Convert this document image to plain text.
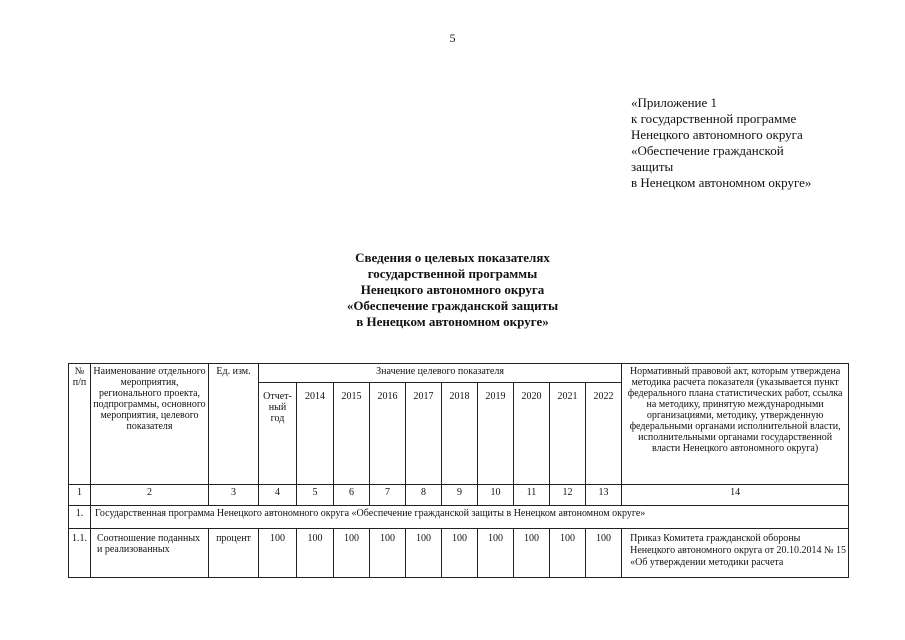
5
«Приложение 1
к государственной программе
Ненецкого автономного округа
«Обеспечение гражданской
защиты
в Ненецком автономном округе»
Сведения о целевых показателях
государственной программы
Ненецкого автономного округа
«Обеспечение гражданской защиты
в Ненецком автономном округе»
№ п/п	Наименование отдельного мероприятия, регионального проекта, подпрограммы, основного мероприятия, целевого показателя	Ед. изм.	Значение целевого показателя										Нормативный правовой акт, которым утверждена методика расчета показателя (указывается пункт федерального плана статистических работ, ссылка на методику, принятую международными организациями, методику, утвержденную федеральными органами исполнительной власти, исполнительными органами государственной власти Ненецкого автономного округа)
			Отчет-ный год	2014	2015	2016	2017	2018	2019	2020	2021	2022	
1	2	3	4	5	6	7	8	9	10	11	12	13	14
1.	Государственная программа Ненецкого автономного округа «Обеспечение гражданской защиты в Ненецком автономном округе»												
1.1.	Соотношение поданных и реализованных	процент	100	100	100	100	100	100	100	100	100	100	Приказ Комитета гражданской обороны Ненецкого автономного округа от 20.10.2014 № 15 «Об утверждении методики расчета
